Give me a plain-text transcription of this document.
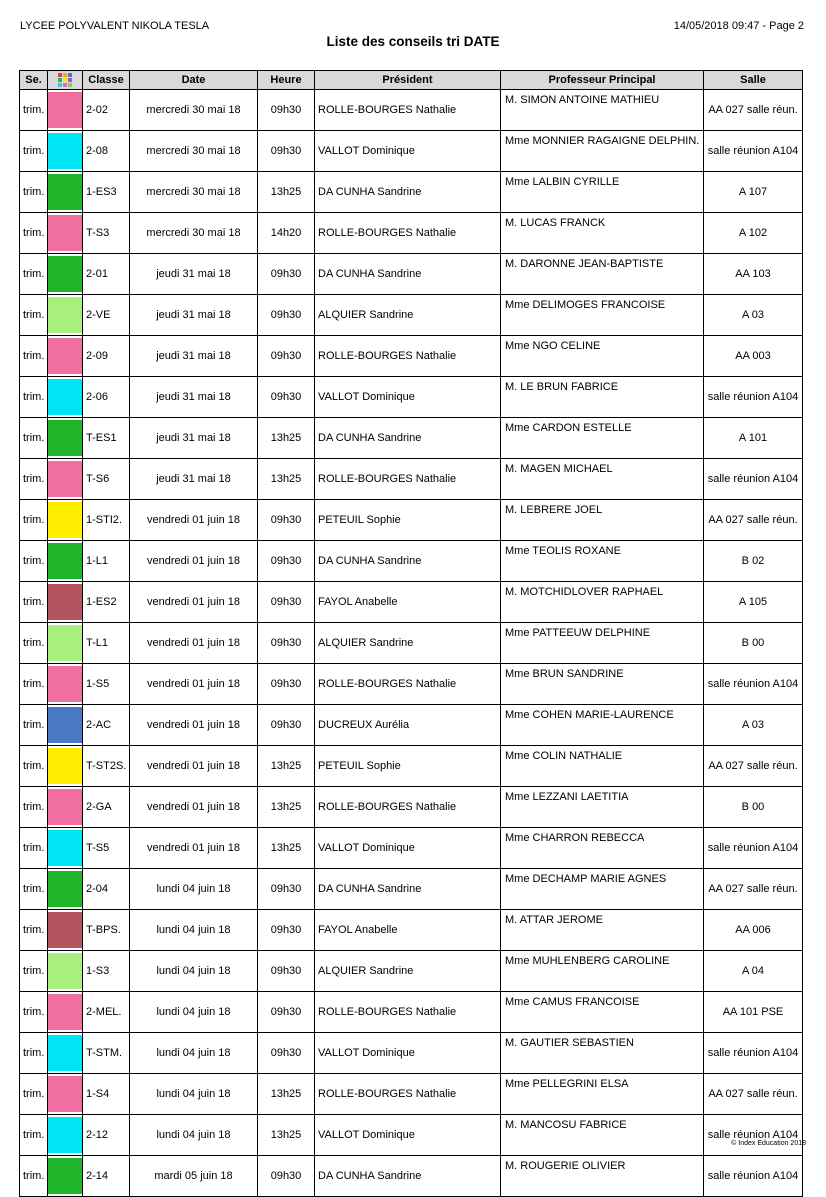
LYCEE POLYVALENT NIKOLA TESLA	14/05/2018 09:47 - Page 2
Liste des conseils tri DATE
Se.		Classe	Date	Heure	Président	Professeur Principal	Salle
trim.		2-02	mercredi 30 mai 18	09h30	ROLLE-BOURGES Nathalie	M. SIMON ANTOINE MATHIEU	AA 027 salle réun.
trim.		2-08	mercredi 30 mai 18	09h30	VALLOT Dominique	Mme MONNIER RAGAIGNE DELPHIN.	salle réunion A104
trim.		1-ES3	mercredi 30 mai 18	13h25	DA CUNHA Sandrine	Mme LALBIN CYRILLE	A 107
trim.		T-S3	mercredi 30 mai 18	14h20	ROLLE-BOURGES Nathalie	M. LUCAS FRANCK	A 102
trim.		2-01	jeudi 31 mai 18	09h30	DA CUNHA Sandrine	M. DARONNE JEAN-BAPTISTE	AA 103
trim.		2-VE	jeudi 31 mai 18	09h30	ALQUIER Sandrine	Mme DELIMOGES FRANCOISE	A 03
trim.		2-09	jeudi 31 mai 18	09h30	ROLLE-BOURGES Nathalie	Mme NGO CELINE	AA 003
trim.		2-06	jeudi 31 mai 18	09h30	VALLOT Dominique	M. LE BRUN FABRICE	salle réunion A104
trim.		T-ES1	jeudi 31 mai 18	13h25	DA CUNHA Sandrine	Mme CARDON ESTELLE	A 101
trim.		T-S6	jeudi 31 mai 18	13h25	ROLLE-BOURGES Nathalie	M. MAGEN MICHAEL	salle réunion A104
trim.		1-STI2.	vendredi 01 juin 18	09h30	PETEUIL Sophie	M. LEBRERE JOEL	AA 027 salle réun.
trim.		1-L1	vendredi 01 juin 18	09h30	DA CUNHA Sandrine	Mme TEOLIS ROXANE	B 02
trim.		1-ES2	vendredi 01 juin 18	09h30	FAYOL Anabelle	M. MOTCHIDLOVER RAPHAEL	A 105
trim.		T-L1	vendredi 01 juin 18	09h30	ALQUIER Sandrine	Mme PATTEEUW DELPHINE	B 00
trim.		1-S5	vendredi 01 juin 18	09h30	ROLLE-BOURGES Nathalie	Mme BRUN SANDRINE	salle réunion A104
trim.		2-AC	vendredi 01 juin 18	09h30	DUCREUX Aurélia	Mme COHEN MARIE-LAURENCE	A 03
trim.		T-ST2S.	vendredi 01 juin 18	13h25	PETEUIL Sophie	Mme COLIN NATHALIE	AA 027 salle réun.
trim.		2-GA	vendredi 01 juin 18	13h25	ROLLE-BOURGES Nathalie	Mme LEZZANI LAETITIA	B 00
trim.		T-S5	vendredi 01 juin 18	13h25	VALLOT Dominique	Mme CHARRON REBECCA	salle réunion A104
trim.		2-04	lundi 04 juin 18	09h30	DA CUNHA Sandrine	Mme DECHAMP MARIE AGNES	AA 027 salle réun.
trim.		T-BPS.	lundi 04 juin 18	09h30	FAYOL Anabelle	M. ATTAR JEROME	AA 006
trim.		1-S3	lundi 04 juin 18	09h30	ALQUIER Sandrine	Mme MUHLENBERG CAROLINE	A 04
trim.		2-MEL.	lundi 04 juin 18	09h30	ROLLE-BOURGES Nathalie	Mme CAMUS FRANCOISE	AA 101 PSE
trim.		T-STM.	lundi 04 juin 18	09h30	VALLOT Dominique	M. GAUTIER SEBASTIEN	salle réunion A104
trim.		1-S4	lundi 04 juin 18	13h25	ROLLE-BOURGES Nathalie	Mme PELLEGRINI ELSA	AA 027 salle réun.
trim.		2-12	lundi 04 juin 18	13h25	VALLOT Dominique	M. MANCOSU FABRICE	salle réunion A104
trim.		2-14	mardi 05 juin 18	09h30	DA CUNHA Sandrine	M. ROUGERIE OLIVIER	salle réunion A104
© Index Education 2018
